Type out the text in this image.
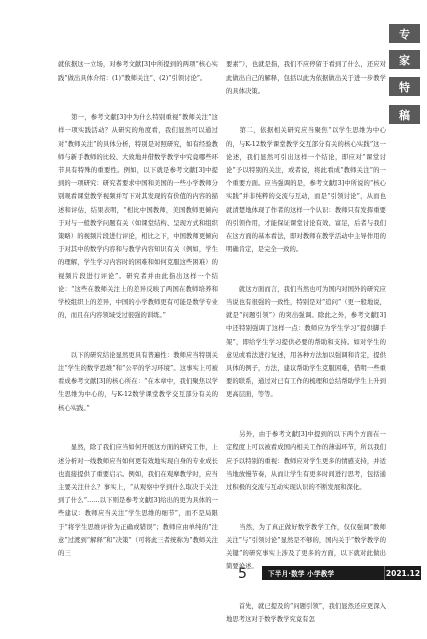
就依据这一立场，对参考文献[3]中所提到的两项“核心实践”做出具体介绍：(1)“教师关注”、(2)“引领讨论”。

　　第一，参考文献[3]中为什么特别重视“教师关注”这样一项实践活动？从研究的角度看，我们显然可以通过对“教师关注”的具体分析，特别是对照研究，如有经验教师与新手教师的比较、大致地并借数学教学中究竟哪些环节具有特殊的重要性。例如，以下就是参考文献[3]中提到的一项研究：研究者要求中国和美国的一些小学教师分别观看课堂教学视频并写下对其发现的有价值的内容的描述和评估，结果表明，“相比中国教师，美国教师更倾向于对与一般教学问题有关（如课堂结构、呈现方式和组织策略）的视频片段进行评论，相比之下，中国教师更倾向于对其中的数学内容和与教学内容知识有关（例如，学生的理解，学生学习内容时的困难和如何克服这些困难）的视频片段进行评论”。研究者并由此指出这样一个结论：“这些在教师关注上的差异反映了两国在教师培养和学校组织上的差异，中国的小学教师更有可能是数学专业的，而且在内容领域受过很强的训练。”

　　以下的研究结论显然更具有普遍性：教师应当特别关注“学生的数学思维”和“公平的学习环境”。这事实上可被看成参考文献[3]的核心所在：“在本章中，我们聚焦以学生思维为中心的，与K-12数学课堂教学交互部分有关的核心实践。”

　　显然，除了我们应当如何开展这方面的研究工作，上述分析对一线教师应当如何更有效地实现自身的专业成长也直接提供了重要启示。例如，我们在观摩教学时，应当主要关注什么？事实上，“从观察中学到什么取决于关注到了什么”……以下则是参考文献[3]给出的更为具体的一些建议：教师应当关注“学生思维的细节”，而不是局限于“将学生思维评价为正确或错误”；教师应由单纯的“注意”过渡到“解释”和“决策”（可将此三者统称为“教师关注的三

要素”），也就是指，我们不应停留于看到了什么，还应对此做出自己的解释，包括以此为依据做出关于进一步教学的具体决策。

　　第二，依据相关研究应当聚焦“以学生思维为中心的，与K-12数学课堂教学交互部分有关的核心实践”这一论述，我们显然可引出这样一个结论，即应对“课堂讨论”予以特别的关注，或者说，将此看成“教师关注”的一个重要方面。应当强调的是，参考文献[3]中所说的“核心实践”并非纯粹的交流与互动，而是“引领讨论”，从而也就清楚地体现了作者的这样一个认识：教师只有发挥重要的引领作用，才能保证课堂讨论有效、富足，后者与我们在这方面的基本看法，即对教师在教学活动中主导作用的明确肯定，是完全一致的。

　　就这方面而言，我们当然也可为国内对国外的研究应当说也有很强的一致性，特别是对“追问”（更一般地说，就是“问题引领”）的突出强调。除此之外，参考文献[3]中还特别强调了这样一点：教师应为学生学习“提供脚手架”，即给学生学习提供必要的帮助和支持。如对学生的意见或看法进行复述，用各种方法加以强调和肯定，提供具体的例子，方法，建议帮助学生克服困难，借明一些重要的联系，通过对已有工作的梳理和总结帮助学生上升到更高层面，等等。

　　另外，由于参考文献[3]中提到的以下两个方面在一定程度上可以被看成国内相关工作的薄弱环节，所以我们应予以特别的重视：教师应对学生更多的情感支持，并适当地放慢节奏，从而让学生有更多时间进行思考，包括通过积极的交流与互动实现认识的不断发展和深化。

　　当然，为了真正做好数学教学工作，仅仅强调“教师关注”与“引领讨论”显然是不够的，国内关于“数学教学的关键”的研究事实上涉及了更多的方面，以下就对此做出简要论述。

　　首先，就已提及的“问题引领”，我们显然还应更深入地思考这对于数学教学究竟有怎

专
家
特
稿
5	下半月·数学 小学教学	2021.12
